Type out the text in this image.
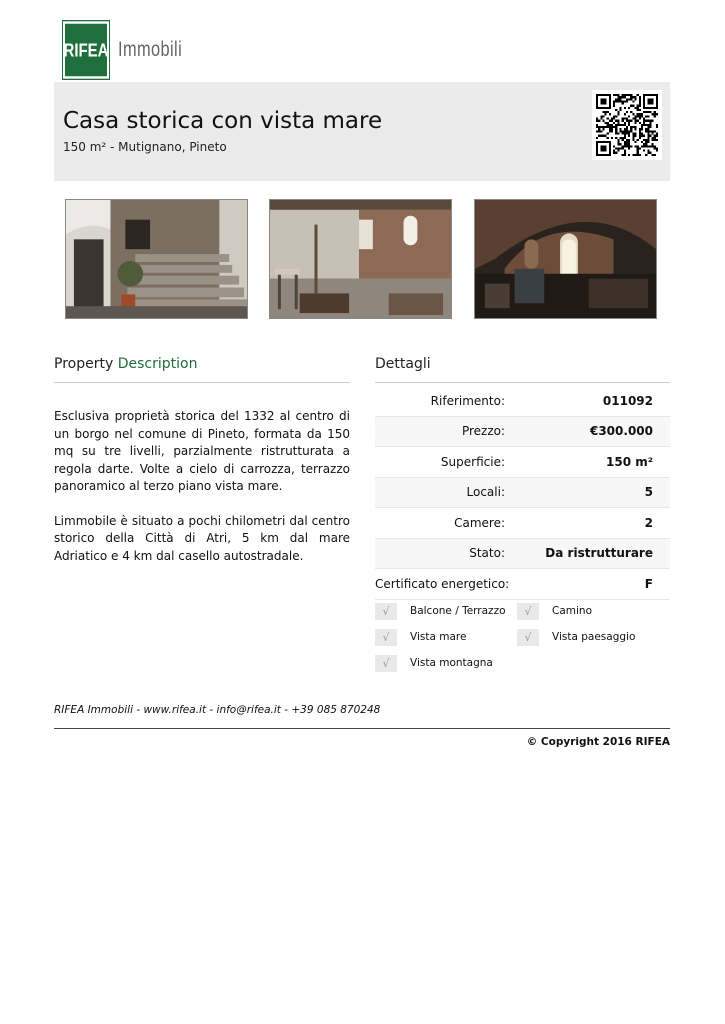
RIFEA Immobili
Casa storica con vista mare
150 m² - Mutignano, Pineto
Property Description

Esclusiva proprietà storica del 1332 al centro di un borgo nel comune di Pineto, formata da 150 mq su tre livelli, parzialmente ristrutturata a regola darte. Volte a cielo di carrozza, terrazzo panoramico al terzo piano vista mare.

Limmobile è situato a pochi chilometri dal centro storico della Città di Atri, 5 km dal mare Adriatico e 4 km dal casello autostradale.

Dettagli
Riferimento:	011092
Prezzo:	€300.000
Superficie:	150 m²
Locali:	5
Camere:	2
Stato:	Da ristrutturare
Certificato energetico:	F
√	Balcone / Terrazzo	√	Camino
√	Vista mare	√	Vista paesaggio
√	Vista montagna
RIFEA Immobili - www.rifea.it - info@rifea.it - +39 085 870248
© Copyright 2016 RIFEA
